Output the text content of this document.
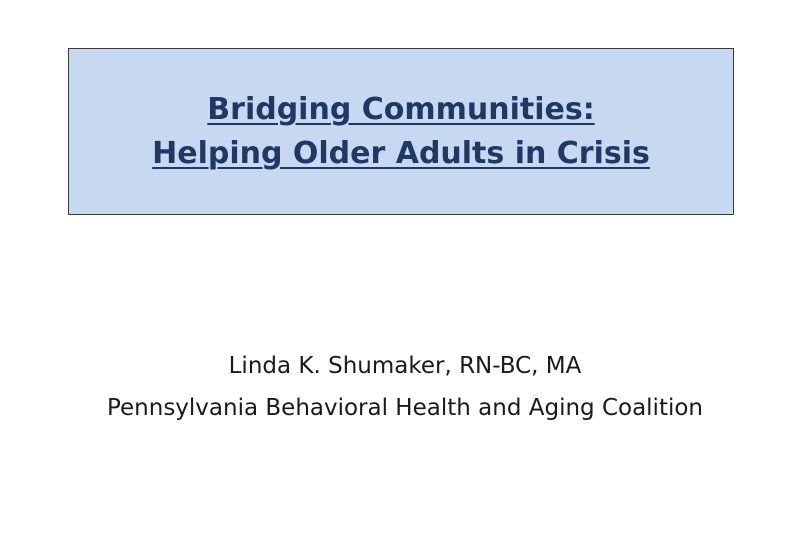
Bridging Communities:
Helping Older Adults in Crisis
Linda K. Shumaker, RN-BC, MA
Pennsylvania Behavioral Health and Aging Coalition
